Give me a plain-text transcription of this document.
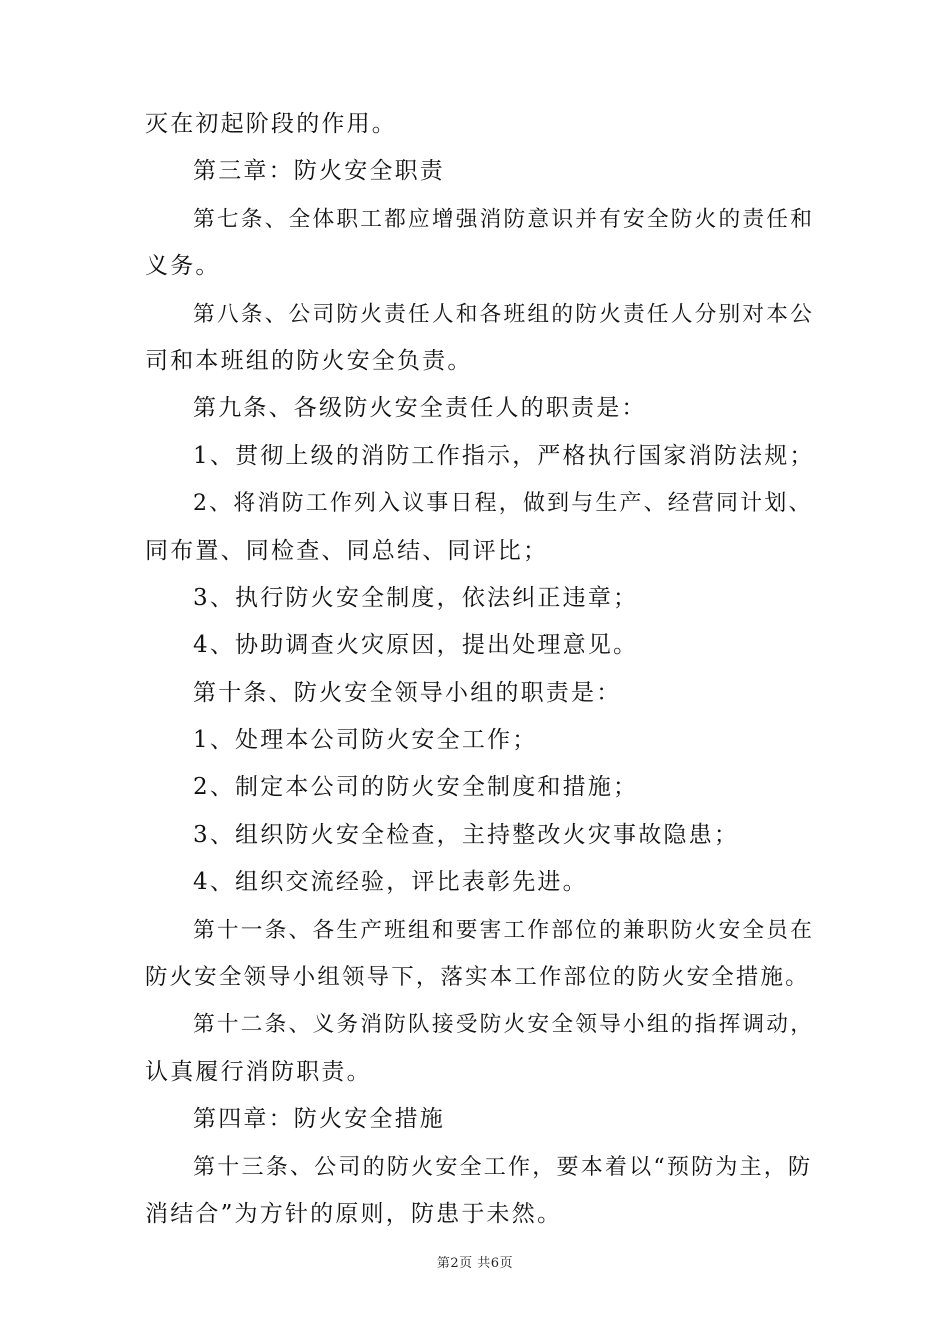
灭在初起阶段的作用。
第三章：防火安全职责
第七条、全体职工都应增强消防意识并有安全防火的责任和
义务。
第八条、公司防火责任人和各班组的防火责任人分别对本公
司和本班组的防火安全负责。
第九条、各级防火安全责任人的职责是：
1、贯彻上级的消防工作指示，严格执行国家消防法规；
2、将消防工作列入议事日程，做到与生产、经营同计划、
同布置、同检查、同总结、同评比；
3、执行防火安全制度，依法纠正违章；
4、协助调查火灾原因，提出处理意见。
第十条、防火安全领导小组的职责是：
1、处理本公司防火安全工作；
2、制定本公司的防火安全制度和措施；
3、组织防火安全检查，主持整改火灾事故隐患；
4、组织交流经验，评比表彰先进。
第十一条、各生产班组和要害工作部位的兼职防火安全员在
防火安全领导小组领导下，落实本工作部位的防火安全措施。
第十二条、义务消防队接受防火安全领导小组的指挥调动，
认真履行消防职责。
第四章：防火安全措施
第十三条、公司的防火安全工作，要本着以“预防为主，防
消结合”为方针的原则，防患于未然。
第2页 共6页
